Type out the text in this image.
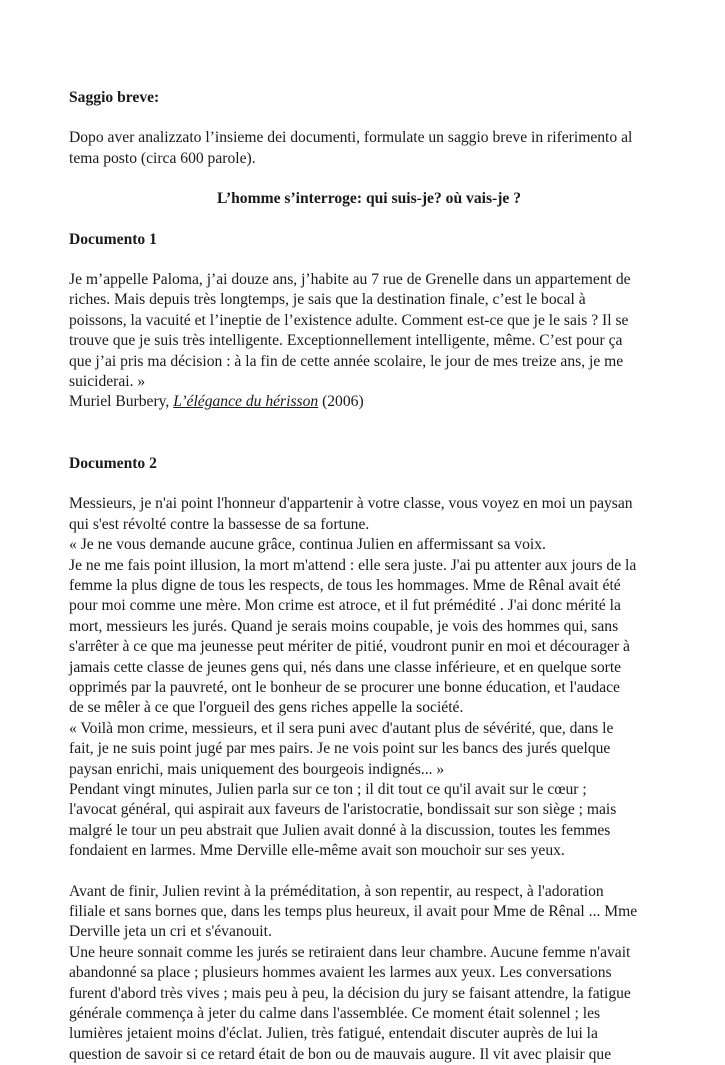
Saggio breve:

Dopo aver analizzato l’insieme dei documenti, formulate un saggio breve in riferimento al
tema posto (circa 600 parole).

L’homme s’interroge: qui suis-je? où vais-je ?

Documento 1

Je m’appelle Paloma, j’ai douze ans, j’habite au 7 rue de Grenelle dans un appartement de
riches. Mais depuis très longtemps, je sais que la destination finale, c’est le bocal à
poissons, la vacuité et l’ineptie de l’existence adulte. Comment est-ce que je le sais ? Il se
trouve que je suis très intelligente. Exceptionnellement intelligente, même. C’est pour ça
que j’ai pris ma décision : à la fin de cette année scolaire, le jour de mes treize ans, je me
suiciderai. »
Muriel Burbery, L’élégance du hérisson (2006)

Documento 2

Messieurs, je n'ai point l'honneur d'appartenir à votre classe, vous voyez en moi un paysan
qui s'est révolté contre la bassesse de sa fortune.
« Je ne vous demande aucune grâce, continua Julien en affermissant sa voix.
Je ne me fais point illusion, la mort m'attend : elle sera juste. J'ai pu attenter aux jours de la
femme la plus digne de tous les respects, de tous les hommages. Mme de Rênal avait été
pour moi comme une mère. Mon crime est atroce, et il fut prémédité . J'ai donc mérité la
mort, messieurs les jurés. Quand je serais moins coupable, je vois des hommes qui, sans
s'arrêter à ce que ma jeunesse peut mériter de pitié, voudront punir en moi et décourager à
jamais cette classe de jeunes gens qui, nés dans une classe inférieure, et en quelque sorte
opprimés par la pauvreté, ont le bonheur de se procurer une bonne éducation, et l'audace
de se mêler à ce que l'orgueil des gens riches appelle la société.
« Voilà mon crime, messieurs, et il sera puni avec d'autant plus de sévérité, que, dans le
fait, je ne suis point jugé par mes pairs. Je ne vois point sur les bancs des jurés quelque
paysan enrichi, mais uniquement des bourgeois indignés... »
Pendant vingt minutes, Julien parla sur ce ton ; il dit tout ce qu'il avait sur le cœur ;
l'avocat général, qui aspirait aux faveurs de l'aristocratie, bondissait sur son siège ; mais
malgré le tour un peu abstrait que Julien avait donné à la discussion, toutes les femmes
fondaient en larmes. Mme Derville elle-même avait son mouchoir sur ses yeux.
Avant de finir, Julien revint à la préméditation, à son repentir, au respect, à l'adoration
filiale et sans bornes que, dans les temps plus heureux, il avait pour Mme de Rênal ... Mme
Derville jeta un cri et s'évanouit.
Une heure sonnait comme les jurés se retiraient dans leur chambre. Aucune femme n'avait
abandonné sa place ; plusieurs hommes avaient les larmes aux yeux. Les conversations
furent d'abord très vives ; mais peu à peu, la décision du jury se faisant attendre, la fatigue
générale commença à jeter du calme dans l'assemblée. Ce moment était solennel ; les
lumières jetaient moins d'éclat. Julien, très fatigué, entendait discuter auprès de lui la
question de savoir si ce retard était de bon ou de mauvais augure. Il vit avec plaisir que
